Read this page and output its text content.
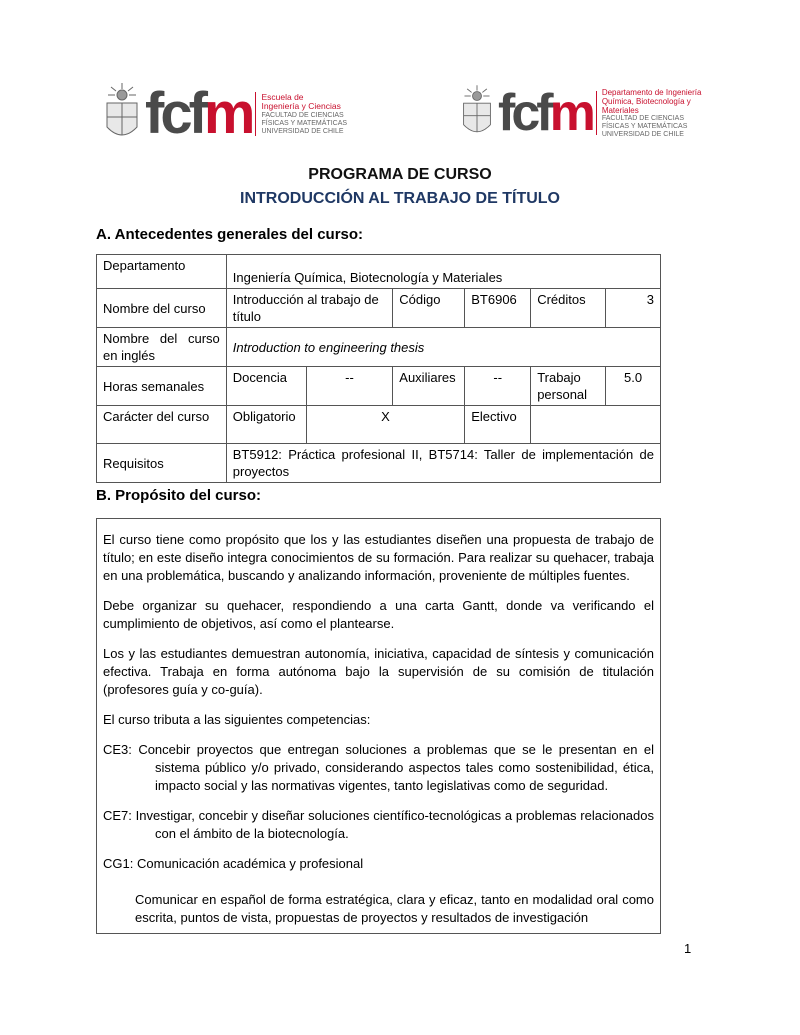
fcfm Escuela de Ingeniería y Ciencias
FACULTAD DE CIENCIAS FÍSICAS Y MATEMÁTICAS
UNIVERSIDAD DE CHILE	fcfm Departamento de Ingeniería Química, Biotecnología y Materiales
FACULTAD DE CIENCIAS FÍSICAS Y MATEMÁTICAS
UNIVERSIDAD DE CHILE
PROGRAMA DE CURSO
INTRODUCCIÓN AL TRABAJO DE TÍTULO
A. Antecedentes generales del curso:
Departamento	Ingeniería Química, Biotecnología y Materiales					
Nombre del curso	Introducción al trabajo de título		Código	BT6906	Créditos	3
Nombre del curso en inglés	Introduction to engineering thesis					
Horas semanales	Docencia	--	Auxiliares	--	Trabajo personal	5.0
Carácter del curso	Obligatorio	X		Electivo		
Requisitos	BT5912: Práctica profesional II, BT5714: Taller de implementación de proyectos					
B. Propósito del curso:

El curso tiene como propósito que los y las estudiantes diseñen una propuesta de trabajo de título; en este diseño integra conocimientos de su formación. Para realizar su quehacer, trabaja en una problemática, buscando y analizando información, proveniente de múltiples fuentes.

Debe organizar su quehacer, respondiendo a una carta Gantt, donde va verificando el cumplimiento de objetivos, así como el plantearse.

Los y las estudiantes demuestran autonomía, iniciativa, capacidad de síntesis y comunicación efectiva. Trabaja en forma autónoma bajo la supervisión de su comisión de titulación (profesores guía y co-guía).

El curso tributa a las siguientes competencias:

CE3: Concebir proyectos que entregan soluciones a problemas que se le presentan en el sistema público y/o privado, considerando aspectos tales como sostenibilidad, ética, impacto social y las normativas vigentes, tanto legislativas como de seguridad.

CE7: Investigar, concebir y diseñar soluciones científico-tecnológicas a problemas relacionados con el ámbito de la biotecnología.

CG1: Comunicación académica y profesional

Comunicar en español de forma estratégica, clara y eficaz, tanto en modalidad oral como escrita, puntos de vista, propuestas de proyectos y resultados de investigación

1
